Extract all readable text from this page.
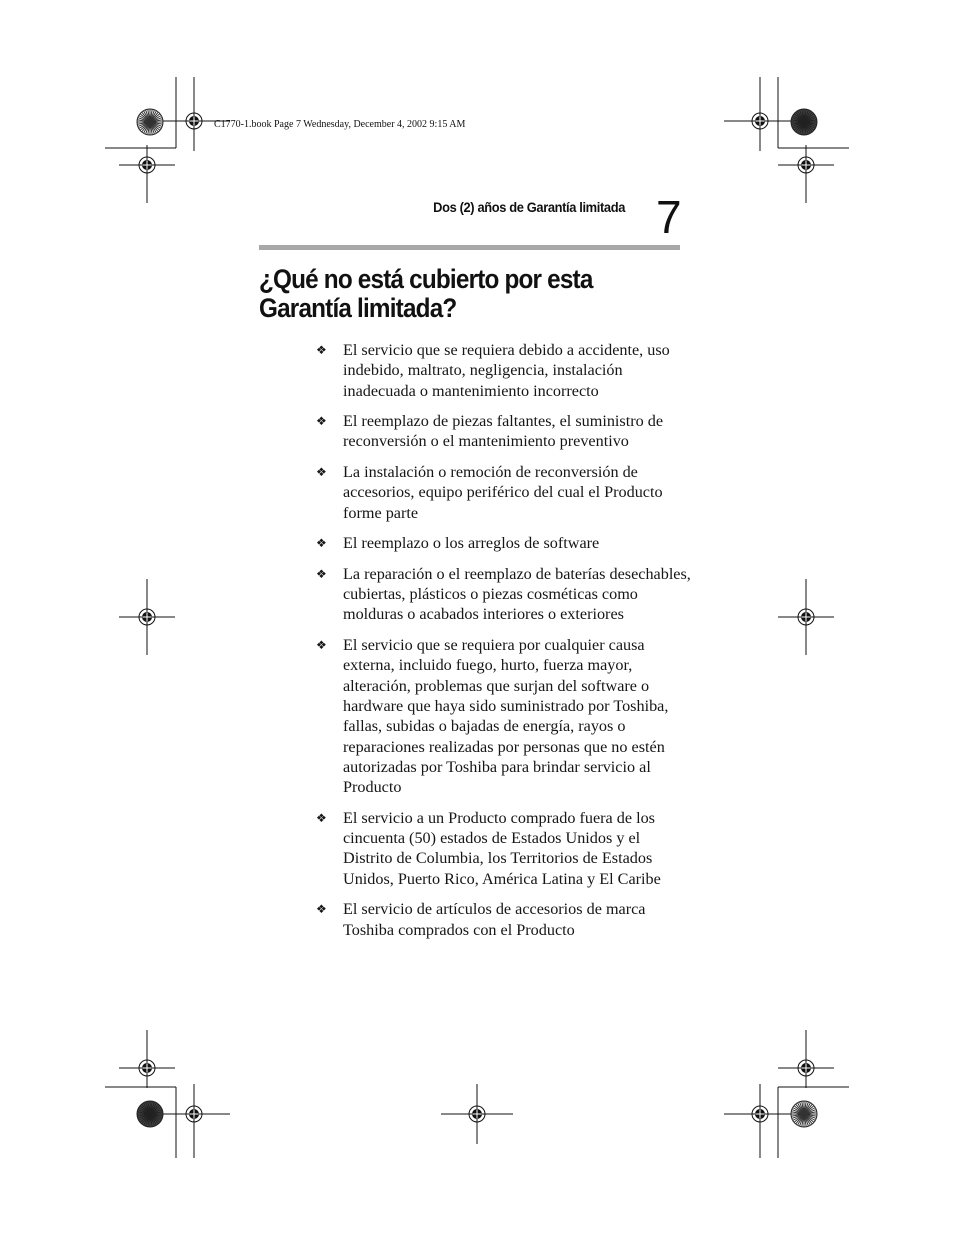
C1770-1.book Page 7 Wednesday, December 4, 2002 9:15 AM
Dos (2) años de Garantía limitada 7
¿Qué no está cubierto por esta Garantía limitada?
❖ El servicio que se requiera debido a accidente, uso indebido, maltrato, negligencia, instalación inadecuada o mantenimiento incorrecto
❖ El reemplazo de piezas faltantes, el suministro de reconversión o el mantenimiento preventivo
❖ La instalación o remoción de reconversión de accesorios, equipo periférico del cual el Producto forme parte
❖ El reemplazo o los arreglos de software
❖ La reparación o el reemplazo de baterías desechables, cubiertas, plásticos o piezas cosméticas como molduras o acabados interiores o exteriores
❖ El servicio que se requiera por cualquier causa externa, incluido fuego, hurto, fuerza mayor, alteración, problemas que surjan del software o hardware que haya sido suministrado por Toshiba, fallas, subidas o bajadas de energía, rayos o reparaciones realizadas por personas que no estén autorizadas por Toshiba para brindar servicio al Producto
❖ El servicio a un Producto comprado fuera de los cincuenta (50) estados de Estados Unidos y el Distrito de Columbia, los Territorios de Estados Unidos, Puerto Rico, América Latina y El Caribe
❖ El servicio de artículos de accesorios de marca Toshiba comprados con el Producto
